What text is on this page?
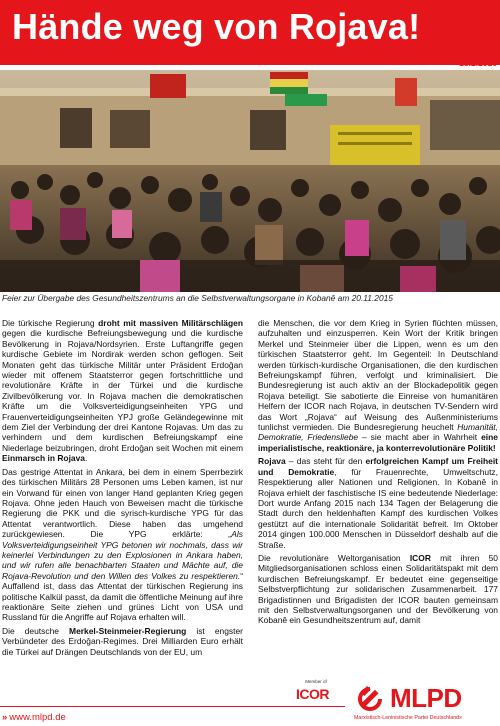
Hände weg von Rojava!
18.2.2016
Feier zur Übergabe des Gesundheitszentrums an die Selbstverwaltungsorgane in Kobanê am 20.11.2015

Die türkische Regierung droht mit massiven Militärschlägen gegen die kurdische Befreiungsbewegung und die kurdische Bevölkerung in Rojava/Nordsyrien. Erste Luftangriffe gegen kurdische Gebiete im Nordirak werden schon geflogen. Seit Monaten geht das türkische Militär unter Präsident Erdoğan wieder mit offenem Staatsterror gegen fortschrittliche und revolutionäre Kräfte in der Türkei und die kurdische Zivilbevölkerung vor. In Rojava machen die demokratischen Kräfte um die Volksverteidigungseinheiten YPG und Frauenverteidigungseinheiten YPJ große Geländegewinne mit dem Ziel der Verbindung der drei Kantone Rojavas. Um das zu verhindern und dem kurdischen Befreiungskampf eine Niederlage beizubringen, droht Erdoğan seit Wochen mit einem Einmarsch in Rojava.

Das gestrige Attentat in Ankara, bei dem in einem Sperrbezirk des türkischen Militärs 28 Personen ums Leben kamen, ist nur ein Vorwand für einen von langer Hand geplanten Krieg gegen Rojava. Ohne jeden Hauch von Beweisen macht die türkische Regierung die PKK und die syrisch-kurdische YPG für das Attentat verantwortlich. Diese haben das umgehend zurückgewiesen. Die YPG erklärte: „Als Volksverteidigungseinheit YPG betonen wir nochmals, dass wir keinerlei Verbindungen zu den Explosionen in Ankara haben, und wir rufen alle benachbarten Staaten und Mächte auf, die Rojava-Revolution und den Willen des Volkes zu respektieren.“ Auffallend ist, dass das Attentat der türkischen Regierung ins politische Kalkül passt, da damit die öffentliche Meinung auf ihre reaktionäre Seite ziehen und grünes Licht von USA und Russland für die Angriffe auf Rojava erhalten will.

Die deutsche Merkel-Steinmeier-Regierung ist engster Verbündeter des Erdoğan-Regimes. Drei Milliarden Euro erhält die Türkei auf Drängen Deutschlands von der EU, um

die Menschen, die vor dem Krieg in Syrien flüchten müssen, aufzuhalten und einzusperren. Kein Wort der Kritik bringen Merkel und Steinmeier über die Lippen, wenn es um den türkischen Staatsterror geht. Im Gegenteil: In Deutschland werden türkisch-kurdische Organisationen, die den kurdischen Befreiungskampf führen, verfolgt und kriminalisiert. Die Bundesregierung ist auch aktiv an der Blockadepolitik gegen Rojava beteiligt. Sie sabotierte die Einreise von humanitären Helfern der ICOR nach Rojava, in deutschen TV-Sendern wird das Wort „Rojava“ auf Weisung des Außenministeriums tunlichst vermieden. Die Bundesregierung heuchelt Humanität, Demokratie, Friedensliebe – sie macht aber in Wahrheit eine imperialistische, reaktionäre, ja konterrevolutionäre Politik!

Rojava – das steht für den erfolgreichen Kampf um Freiheit und Demokratie, für Frauenrechte, Umweltschutz, Respektierung aller Nationen und Religionen. In Kobanê in Rojava erhielt der faschistische IS eine bedeutende Niederlage: Dort wurde Anfang 2015 nach 134 Tagen der Belagerung die Stadt durch den heldenhaften Kampf des kurdischen Volkes gestützt auf die internationale Solidarität befreit. Im Oktober 2014 gingen 100.000 Menschen in Düsseldorf deshalb auf die Straße.

Die revolutionäre Weltorganisation ICOR mit ihren 50 Mitgliedsorganisationen schloss einen Solidaritätspakt mit dem kurdischen Befreiungskampf. Er bedeutet eine gegenseitige Selbstverpflichtung zur solidarischen Zusammenarbeit. 177 Brigadistinnen und Brigadisten der ICOR bauten gemeinsam mit den Selbstverwaltungsorganen und der Bevölkerung von Kobanê ein Gesundheitszentrum auf, damit

» www.mlpd.de
Member of
ICOR MLPD
Marxistisch-Leninistische Partei Deutschlands
